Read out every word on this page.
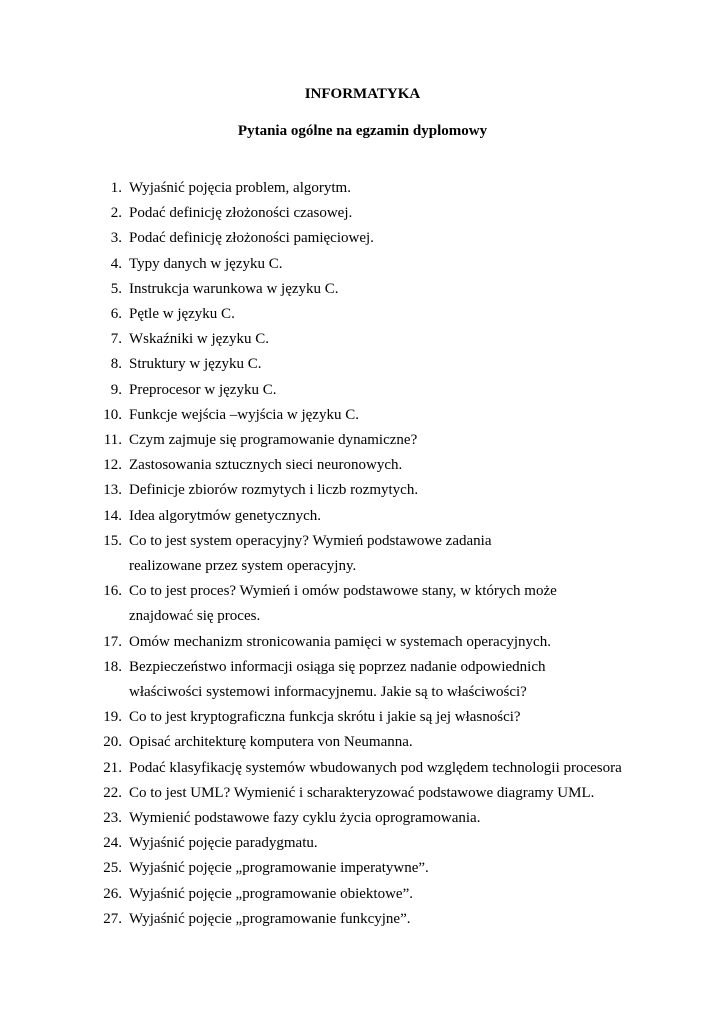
INFORMATYKA
Pytania ogólne na egzamin dyplomowy
1. Wyjaśnić pojęcia problem, algorytm.
2. Podać definicję złożoności czasowej.
3. Podać definicję złożoności pamięciowej.
4. Typy danych w języku C.
5. Instrukcja warunkowa w języku C.
6. Pętle w języku C.
7. Wskaźniki w języku C.
8. Struktury w języku C.
9. Preprocesor w języku C.
10. Funkcje wejścia –wyjścia w języku C.
11. Czym zajmuje się programowanie dynamiczne?
12. Zastosowania sztucznych sieci neuronowych.
13. Definicje zbiorów rozmytych i liczb rozmytych.
14. Idea algorytmów genetycznych.
15. Co to jest system operacyjny? Wymień podstawowe zadania
realizowane przez system operacyjny.
16. Co to jest proces? Wymień i omów podstawowe stany, w których może
znajdować się proces.
17. Omów mechanizm stronicowania pamięci w systemach operacyjnych.
18. Bezpieczeństwo informacji osiąga się poprzez nadanie odpowiednich
właściwości systemowi informacyjnemu. Jakie są to właściwości?
19. Co to jest kryptograficzna funkcja skrótu i jakie są jej własności?
20. Opisać architekturę komputera von Neumanna.
21. Podać klasyfikację systemów wbudowanych pod względem technologii procesora
22. Co to jest UML? Wymienić i scharakteryzować podstawowe diagramy UML.
23. Wymienić podstawowe fazy cyklu życia oprogramowania.
24. Wyjaśnić pojęcie paradygmatu.
25. Wyjaśnić pojęcie „programowanie imperatywne”.
26. Wyjaśnić pojęcie „programowanie obiektowe”.
27. Wyjaśnić pojęcie „programowanie funkcyjne”.
